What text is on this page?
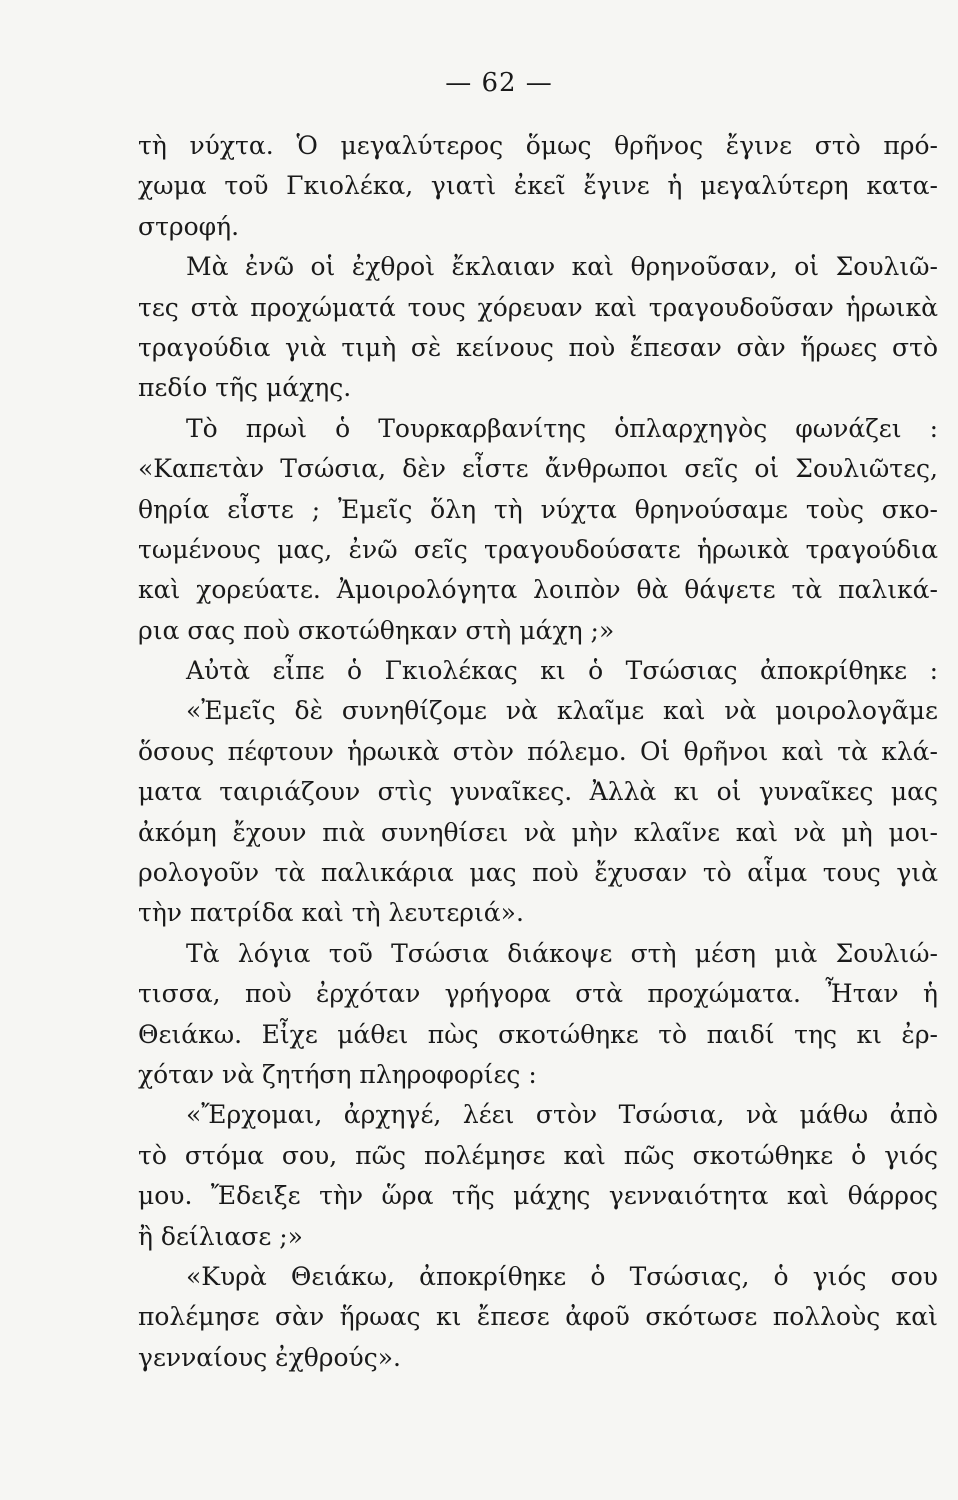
— 62 —
τὴ νύχτα. Ὁ μεγαλύτερος ὅμως θρῆνος ἔγινε στὸ πρό-
χωμα τοῦ Γκιολέκα, γιατὶ ἐκεῖ ἔγινε ἡ μεγαλύτερη κατα-
στροφή.
Μὰ ἐνῶ οἱ ἐχθροὶ ἔκλαιαν καὶ θρηνοῦσαν, οἱ Σουλιῶ-
τες στὰ προχώματά τους χόρευαν καὶ τραγουδοῦσαν ἡρωικὰ
τραγούδια γιὰ τιμὴ σὲ κείνους ποὺ ἔπεσαν σὰν ἥρωες στὸ
πεδίο τῆς μάχης.
Τὸ πρωὶ ὁ Τουρκαρβανίτης ὁπλαρχηγὸς φωνάζει :
«Καπετὰν Τσώσια, δὲν εἶστε ἄνθρωποι σεῖς οἱ Σουλιῶτες,
θηρία εἶστε ; Ἐμεῖς ὅλη τὴ νύχτα θρηνούσαμε τοὺς σκο-
τωμένους μας, ἐνῶ σεῖς τραγουδούσατε ἡρωικὰ τραγούδια
καὶ χορεύατε. Ἀμοιρολόγητα λοιπὸν θὰ θάψετε τὰ παλικά-
ρια σας ποὺ σκοτώθηκαν στὴ μάχη ;»
Αὐτὰ εἶπε ὁ Γκιολέκας κι ὁ Τσώσιας ἀποκρίθηκε :
«Ἐμεῖς δὲ συνηθίζομε νὰ κλαῖμε καὶ νὰ μοιρολογᾶμε
ὅσους πέφτουν ἡρωικὰ στὸν πόλεμο. Οἱ θρῆνοι καὶ τὰ κλά-
ματα ταιριάζουν στὶς γυναῖκες. Ἀλλὰ κι οἱ γυναῖκες μας
ἀκόμη ἔχουν πιὰ συνηθίσει νὰ μὴν κλαῖνε καὶ νὰ μὴ μοι-
ρολογοῦν τὰ παλικάρια μας ποὺ ἔχυσαν τὸ αἷμα τους γιὰ
τὴν πατρίδα καὶ τὴ λευτεριά».
Τὰ λόγια τοῦ Τσώσια διάκοψε στὴ μέση μιὰ Σουλιώ-
τισσα, ποὺ ἐρχόταν γρήγορα στὰ προχώματα. Ἦταν ἡ
Θειάκω. Εἶχε μάθει πὼς σκοτώθηκε τὸ παιδί της κι ἐρ-
χόταν νὰ ζητήση πληροφορίες :
«Ἔρχομαι, ἀρχηγέ, λέει στὸν Τσώσια, νὰ μάθω ἀπὸ
τὸ στόμα σου, πῶς πολέμησε καὶ πῶς σκοτώθηκε ὁ γιός
μου. Ἔδειξε τὴν ὥρα τῆς μάχης γενναιότητα καὶ θάρρος
ἢ δείλιασε ;»
«Κυρὰ Θειάκω, ἀποκρίθηκε ὁ Τσώσιας, ὁ γιός σου
πολέμησε σὰν ἥρωας κι ἔπεσε ἀφοῦ σκότωσε πολλοὺς καὶ
γενναίους ἐχθρούς».
